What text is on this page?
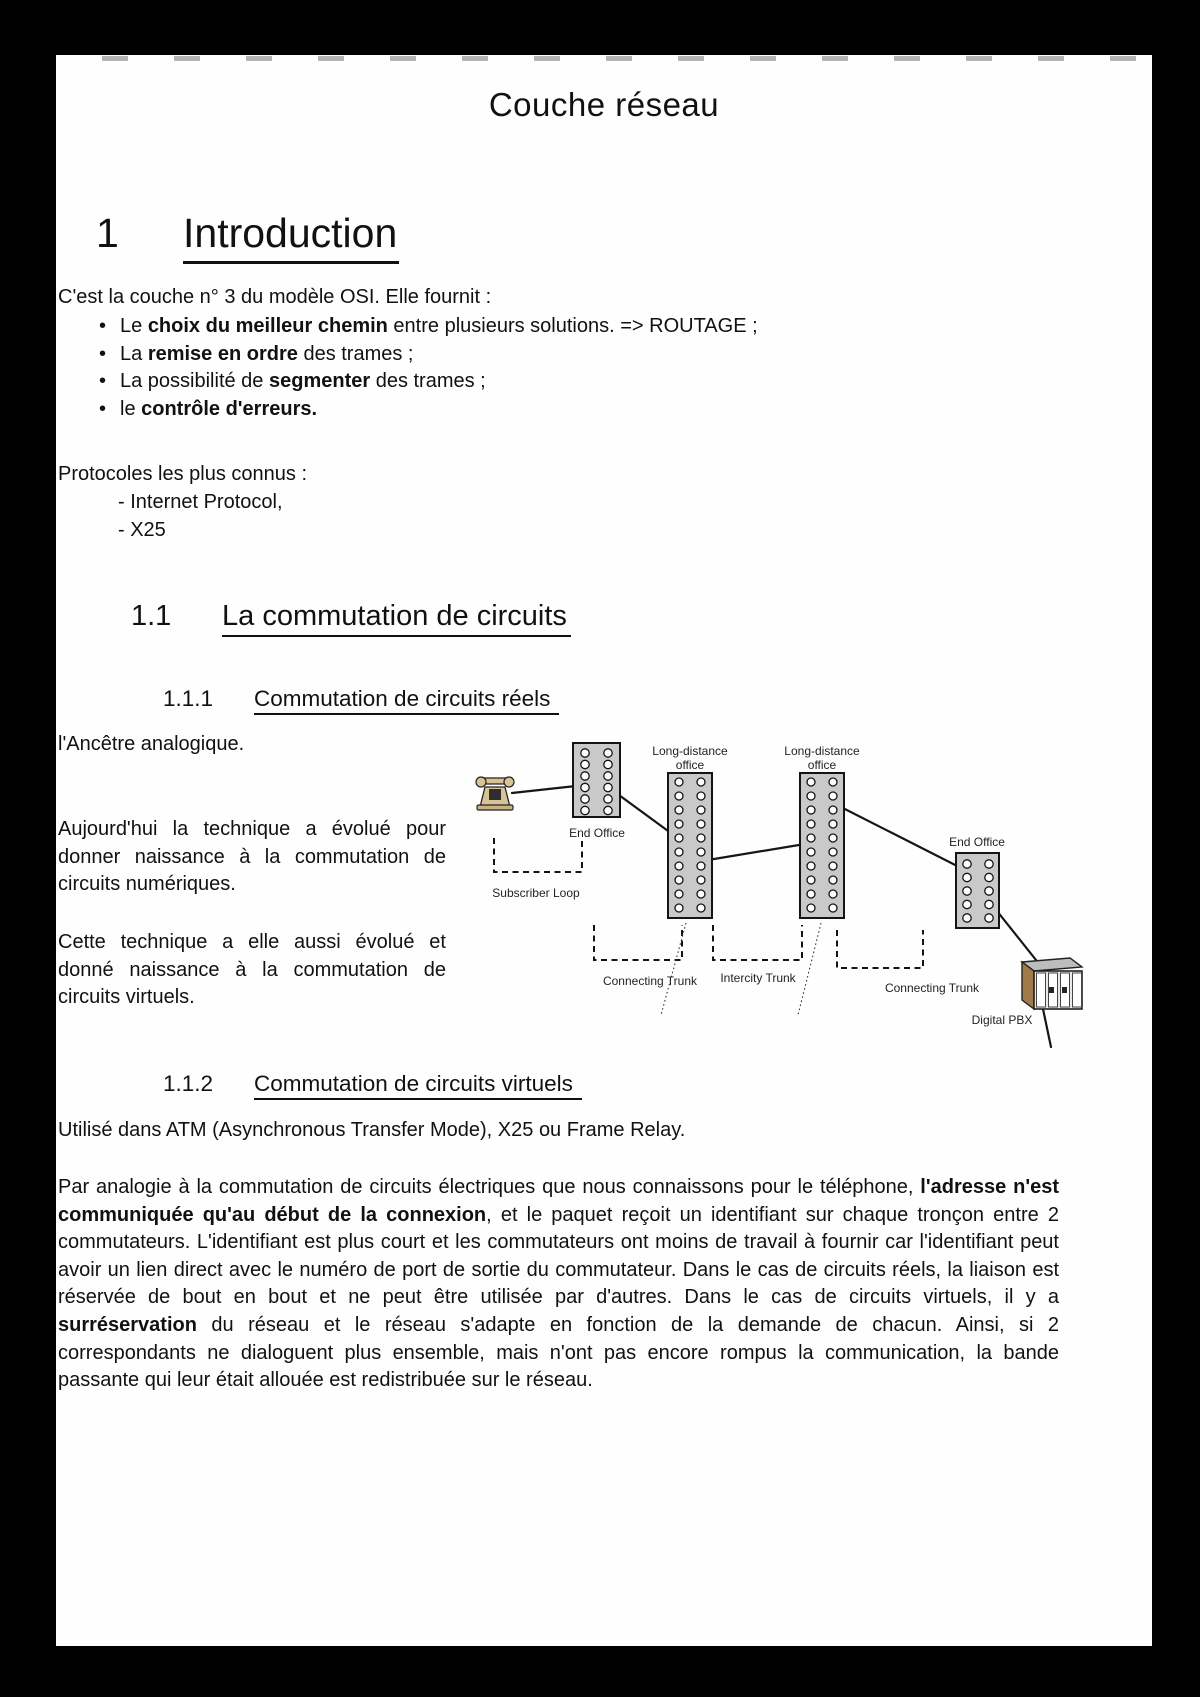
Couche réseau
1 Introduction
C'est la couche n° 3 du modèle OSI. Elle fournit :
• Le choix du meilleur chemin entre plusieurs solutions. => ROUTAGE ;
• La remise en ordre des trames ;
• La possibilité de segmenter des trames ;
• le contrôle d'erreurs.
Protocoles les plus connus :
- Internet Protocol,
- X25
1.1 La commutation de circuits
1.1.1 Commutation de circuits réels
l'Ancêtre analogique.
Aujourd'hui la technique a évolué pour donner naissance à la commutation de circuits numériques.
Cette technique a elle aussi évolué et donné naissance à la commutation de circuits virtuels.
Long-distance
office
Long-distance
office
End Office
End Office
Subscriber Loop
Connecting Trunk Intercity Trunk
Connecting Trunk
Digital PBX
1.1.2 Commutation de circuits virtuels
Utilisé dans ATM (Asynchronous Transfer Mode), X25 ou Frame Relay.
Par analogie à la commutation de circuits électriques que nous connaissons pour le téléphone, l'adresse n'est communiquée qu'au début de la connexion, et le paquet reçoit un identifiant sur chaque tronçon entre 2 commutateurs. L'identifiant est plus court et les commutateurs ont moins de travail à fournir car l'identifiant peut avoir un lien direct avec le numéro de port de sortie du commutateur. Dans le cas de circuits réels, la liaison est réservée de bout en bout et ne peut être utilisée par d'autres. Dans le cas de circuits virtuels, il y a surréservation du réseau et le réseau s'adapte en fonction de la demande de chacun. Ainsi, si 2 correspondants ne dialoguent plus ensemble, mais n'ont pas encore rompus la communication, la bande passante qui leur était allouée est redistribuée sur le réseau.
